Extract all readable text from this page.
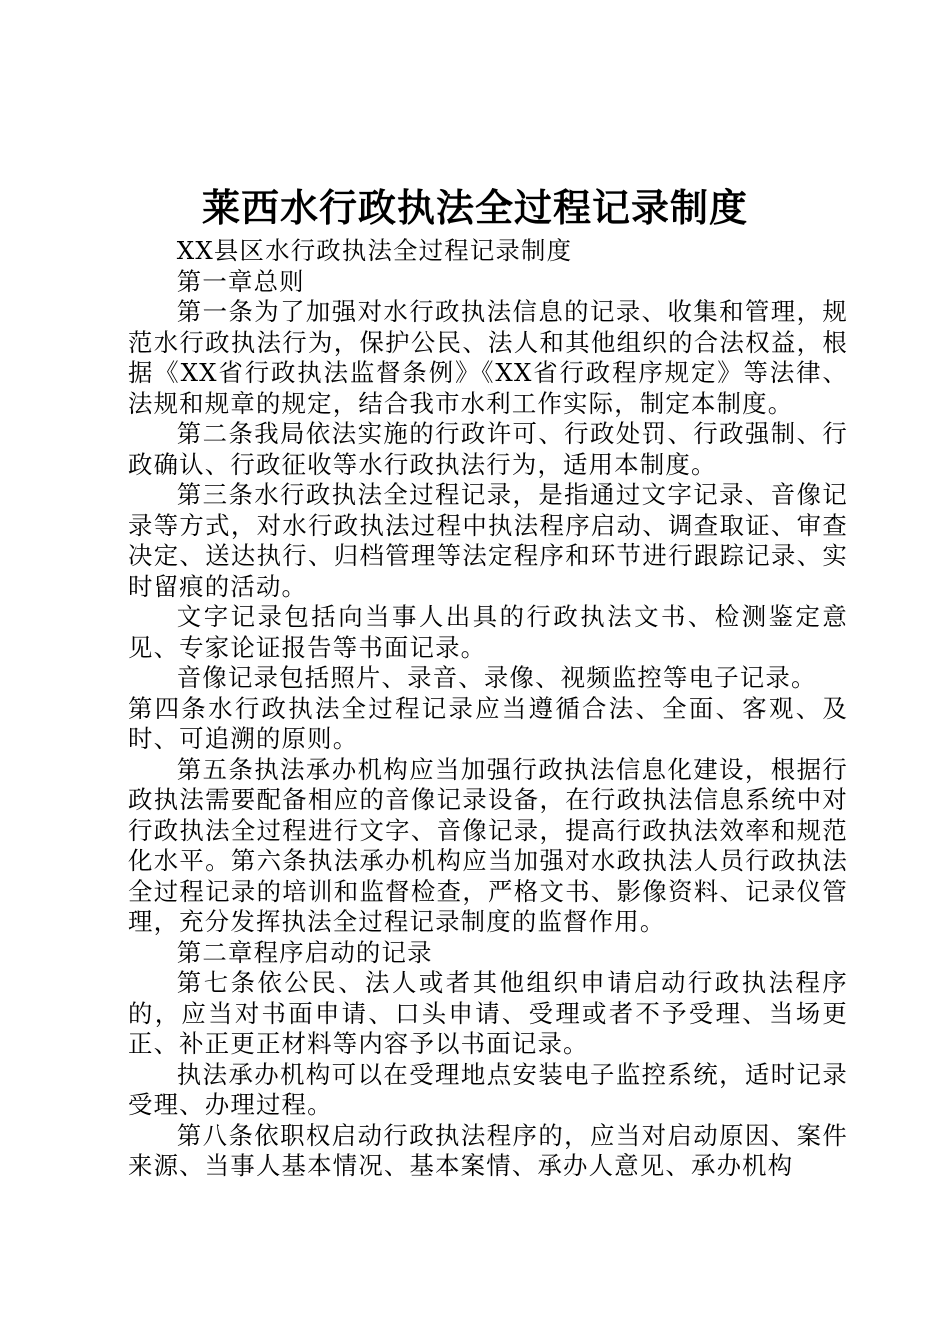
莱西水行政执法全过程记录制度

XX县区水行政执法全过程记录制度

第一章总则

第一条为了加强对水行政执法信息的记录、收集和管理，规范水行政执法行为，保护公民、法人和其他组织的合法权益，根据《XX省行政执法监督条例》《XX省行政程序规定》等法律、法规和规章的规定，结合我市水利工作实际，制定本制度。

第二条我局依法实施的行政许可、行政处罚、行政强制、行政确认、行政征收等水行政执法行为，适用本制度。

第三条水行政执法全过程记录，是指通过文字记录、音像记录等方式，对水行政执法过程中执法程序启动、调查取证、审查决定、送达执行、归档管理等法定程序和环节进行跟踪记录、实时留痕的活动。

文字记录包括向当事人出具的行政执法文书、检测鉴定意见、专家论证报告等书面记录。

音像记录包括照片、录音、录像、视频监控等电子记录。

第四条水行政执法全过程记录应当遵循合法、全面、客观、及时、可追溯的原则。

第五条执法承办机构应当加强行政执法信息化建设，根据行政执法需要配备相应的音像记录设备，在行政执法信息系统中对行政执法全过程进行文字、音像记录，提高行政执法效率和规范化水平。第六条执法承办机构应当加强对水政执法人员行政执法全过程记录的培训和监督检查，严格文书、影像资料、记录仪管理，充分发挥执法全过程记录制度的监督作用。

第二章程序启动的记录

第七条依公民、法人或者其他组织申请启动行政执法程序的，应当对书面申请、口头申请、受理或者不予受理、当场更正、补正更正材料等内容予以书面记录。

执法承办机构可以在受理地点安装电子监控系统，适时记录受理、办理过程。

第八条依职权启动行政执法程序的，应当对启动原因、案件来源、当事人基本情况、基本案情、承办人意见、承办机构
